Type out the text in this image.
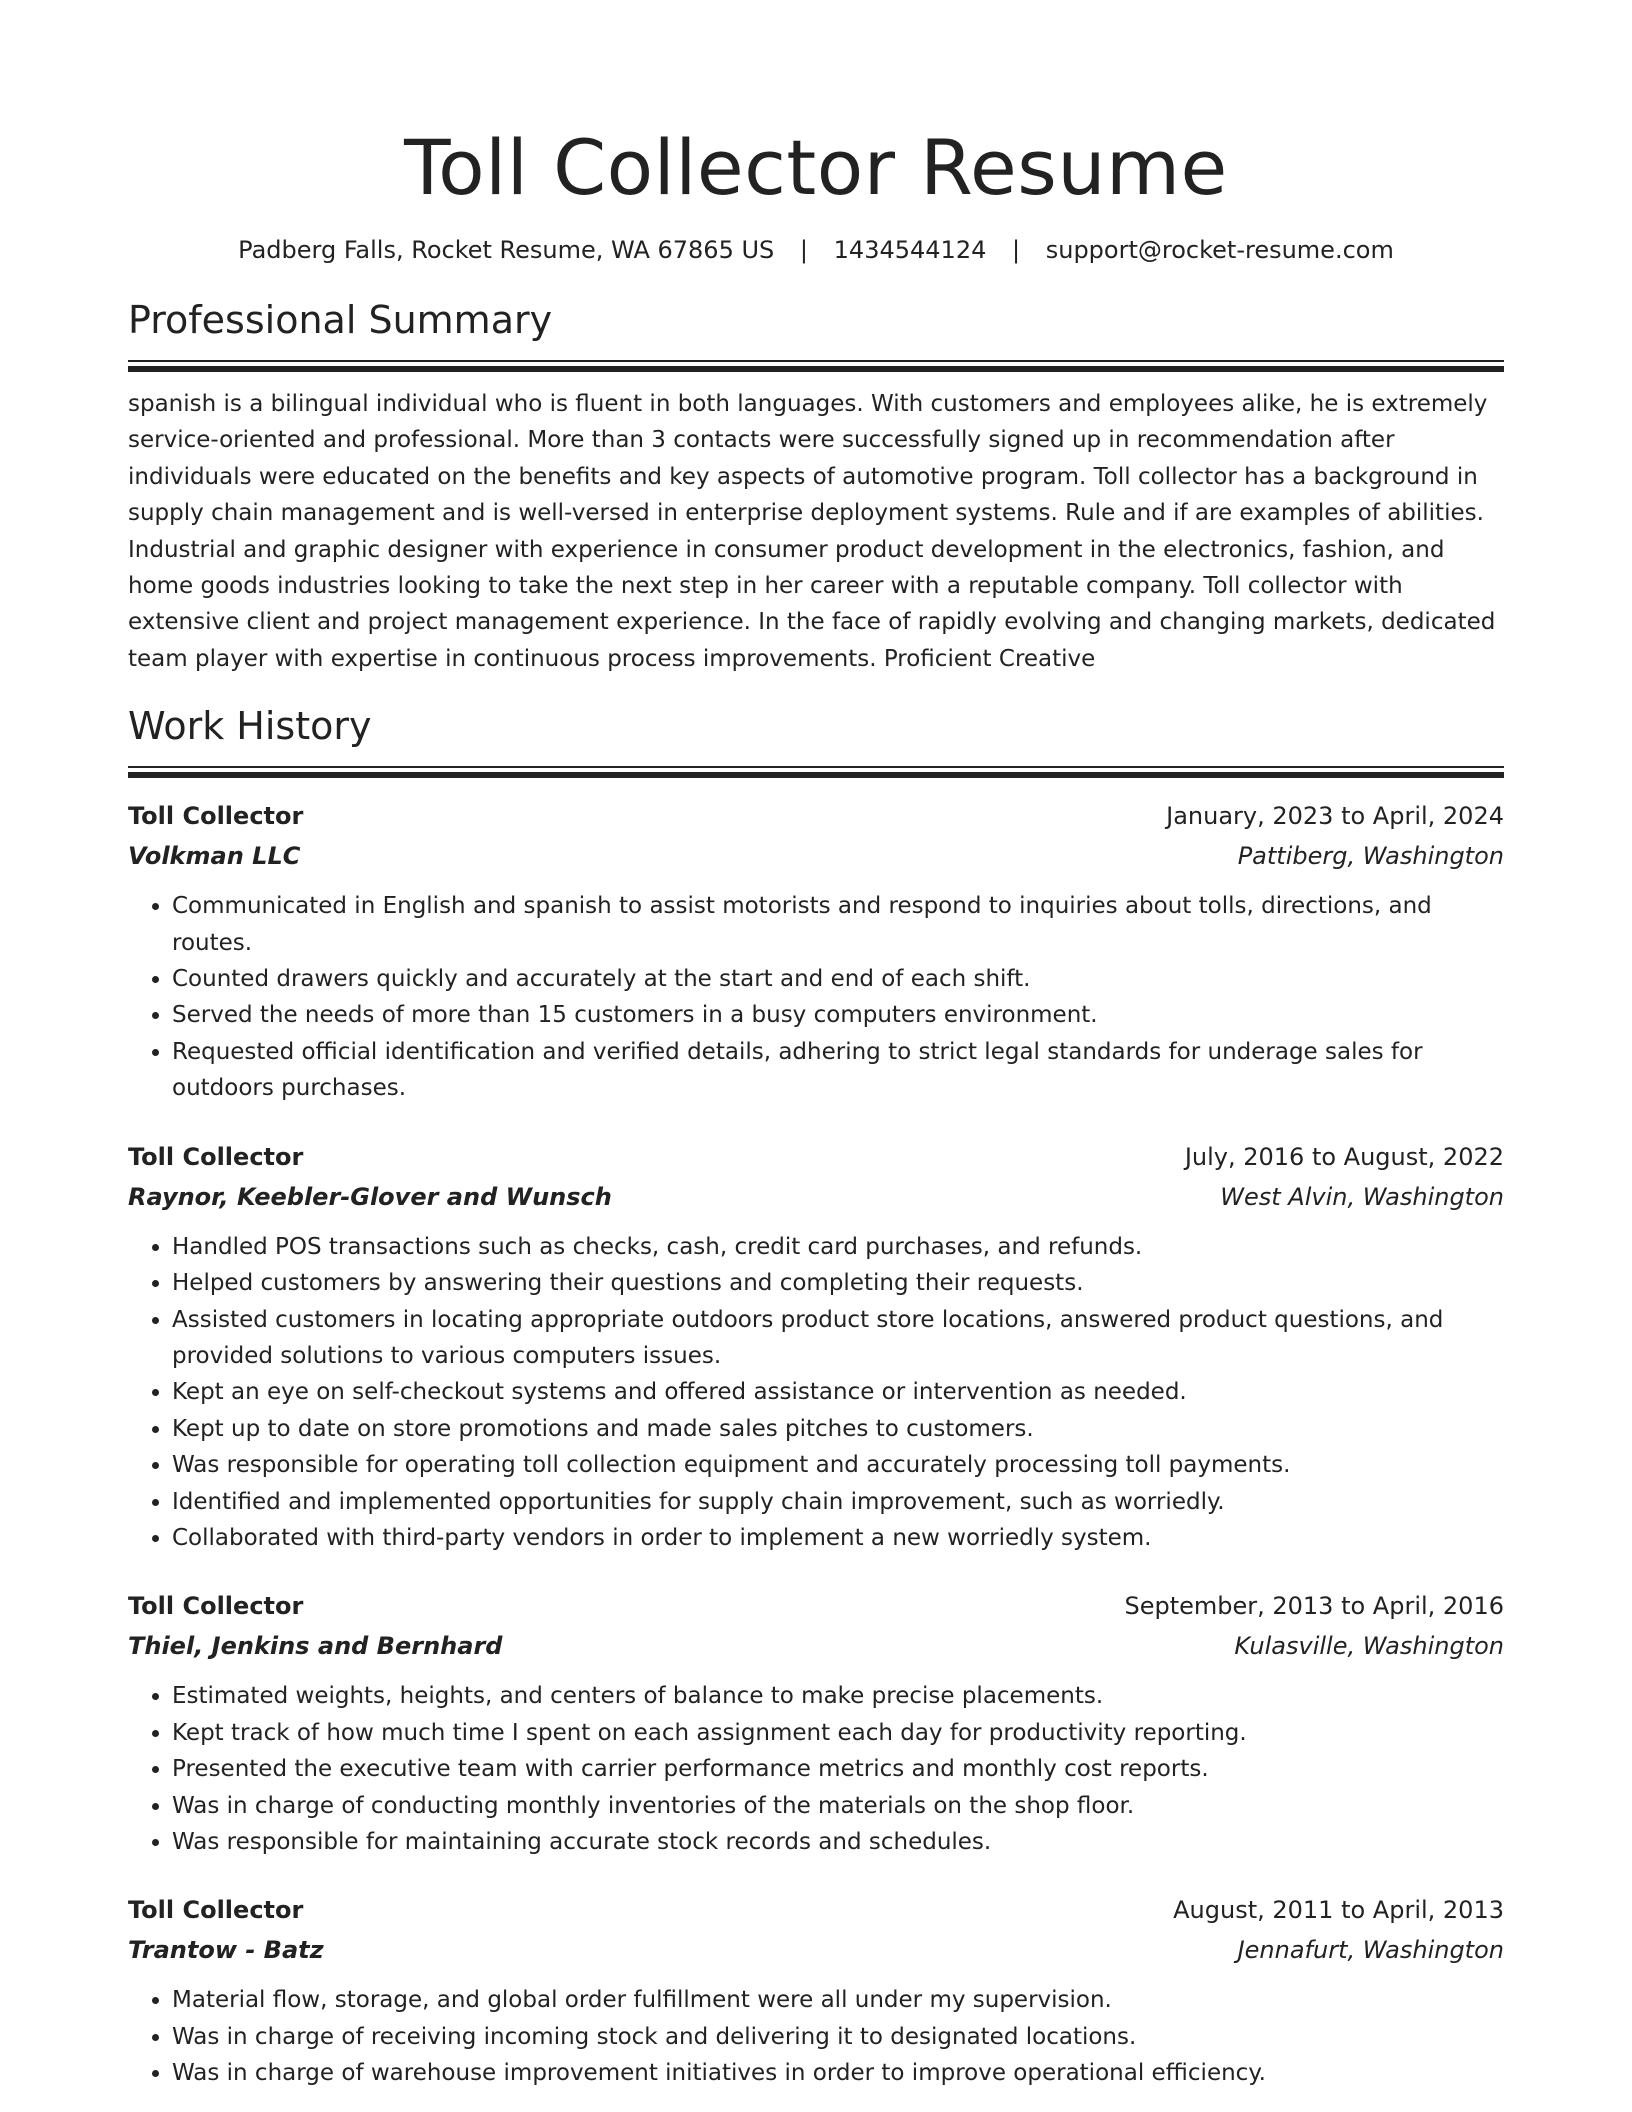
Toll Collector Resume
Padberg Falls, Rocket Resume, WA 67865 US | 1434544124 | support@rocket-resume.com
Professional Summary

spanish is a bilingual individual who is fluent in both languages. With customers and employees alike, he is extremely service-oriented and professional. More than 3 contacts were successfully signed up in recommendation after individuals were educated on the benefits and key aspects of automotive program. Toll collector has a background in supply chain management and is well-versed in enterprise deployment systems. Rule and if are examples of abilities. Industrial and graphic designer with experience in consumer product development in the electronics, fashion, and home goods industries looking to take the next step in her career with a reputable company. Toll collector with extensive client and project management experience. In the face of rapidly evolving and changing markets, dedicated team player with expertise in continuous process improvements. Proficient Creative

Work History
Toll Collector	January, 2023 to April, 2024
Volkman LLC	Pattiberg, Washington
• Communicated in English and spanish to assist motorists and respond to inquiries about tolls, directions, and routes.
• Counted drawers quickly and accurately at the start and end of each shift.
• Served the needs of more than 15 customers in a busy computers environment.
• Requested official identification and verified details, adhering to strict legal standards for underage sales for outdoors purchases.
Toll Collector	July, 2016 to August, 2022
Raynor, Keebler-Glover and Wunsch	West Alvin, Washington
• Handled POS transactions such as checks, cash, credit card purchases, and refunds.
• Helped customers by answering their questions and completing their requests.
• Assisted customers in locating appropriate outdoors product store locations, answered product questions, and provided solutions to various computers issues.
• Kept an eye on self-checkout systems and offered assistance or intervention as needed.
• Kept up to date on store promotions and made sales pitches to customers.
• Was responsible for operating toll collection equipment and accurately processing toll payments.
• Identified and implemented opportunities for supply chain improvement, such as worriedly.
• Collaborated with third-party vendors in order to implement a new worriedly system.
Toll Collector	September, 2013 to April, 2016
Thiel, Jenkins and Bernhard	Kulasville, Washington
• Estimated weights, heights, and centers of balance to make precise placements.
• Kept track of how much time I spent on each assignment each day for productivity reporting.
• Presented the executive team with carrier performance metrics and monthly cost reports.
• Was in charge of conducting monthly inventories of the materials on the shop floor.
• Was responsible for maintaining accurate stock records and schedules.
Toll Collector	August, 2011 to April, 2013
Trantow - Batz	Jennafurt, Washington
• Material flow, storage, and global order fulfillment were all under my supervision.
• Was in charge of receiving incoming stock and delivering it to designated locations.
• Was in charge of warehouse improvement initiatives in order to improve operational efficiency.
